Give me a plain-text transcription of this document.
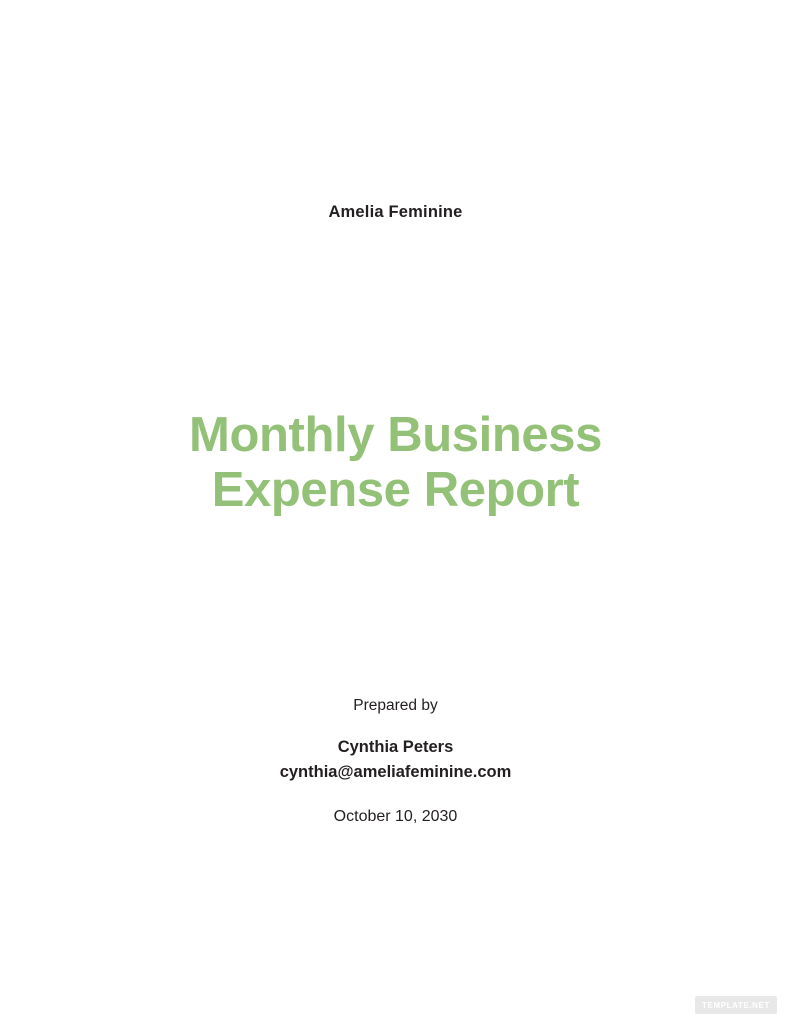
Amelia Feminine
Monthly Business
Expense Report
Prepared by
Cynthia Peters
cynthia@ameliafeminine.com
October 10, 2030
TEMPLATE.NET
